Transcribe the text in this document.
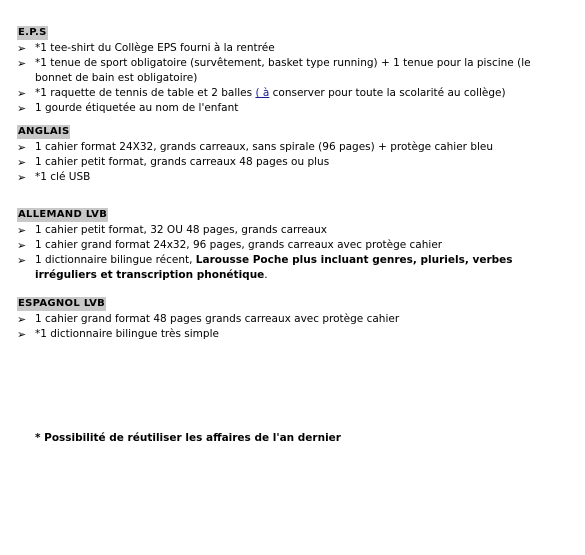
E.P.S
➢ *1 tee-shirt du Collège EPS fourni à la rentrée
➢ *1 tenue de sport obligatoire (survêtement, basket type running) + 1 tenue pour la piscine (le bonnet de bain est obligatoire)
➢ *1 raquette de tennis de table et 2 balles ( à conserver pour toute la scolarité au collège)
➢ 1 gourde étiquetée au nom de l'enfant
ANGLAIS
➢ 1 cahier format 24X32, grands carreaux, sans spirale (96 pages) + protège cahier bleu
➢ 1 cahier petit format, grands carreaux 48 pages ou plus
➢ *1 clé USB
ALLEMAND LVB
➢ 1 cahier petit format, 32 OU 48 pages, grands carreaux
➢ 1 cahier grand format 24x32, 96 pages, grands carreaux avec protège cahier
➢ 1 dictionnaire bilingue récent, Larousse Poche plus incluant genres, pluriels, verbes irréguliers et transcription phonétique.
ESPAGNOL LVB
➢ 1 cahier grand format 48 pages grands carreaux avec protège cahier
➢ *1 dictionnaire bilingue très simple
* Possibilité de réutiliser les affaires de l'an dernier
